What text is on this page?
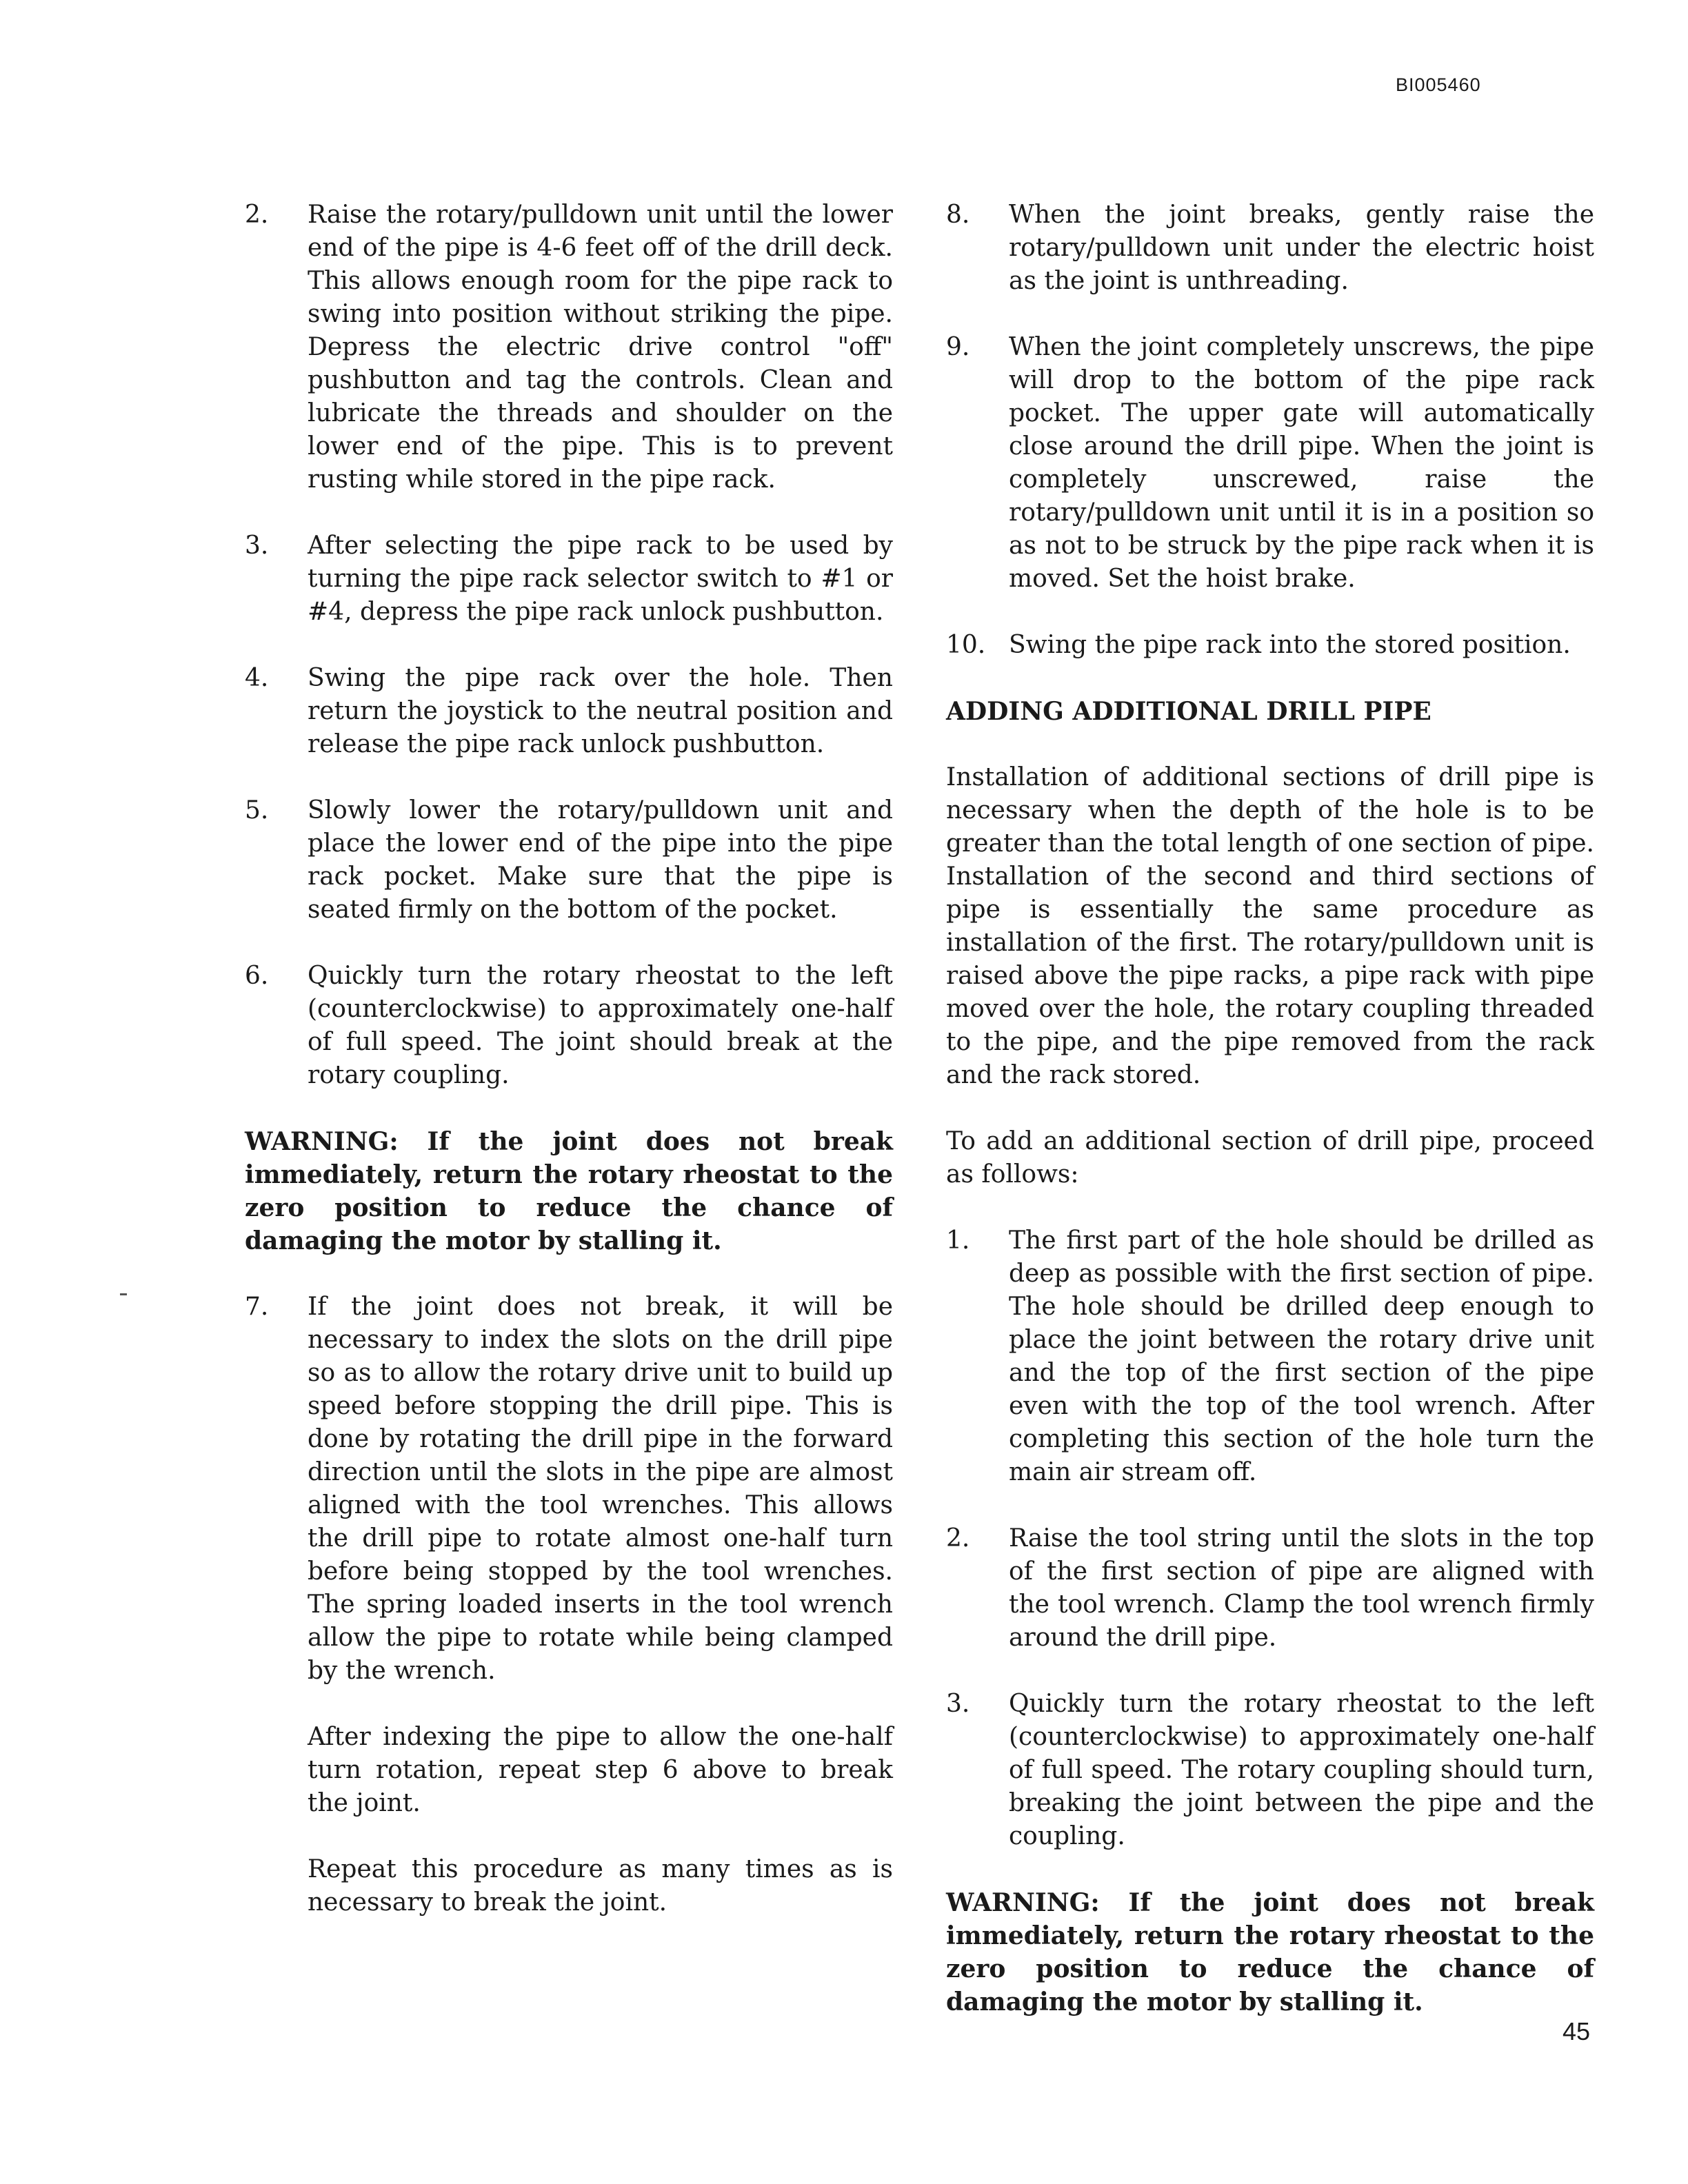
BI005460
2. Raise the rotary/pulldown unit until the lower end of the pipe is 4-6 feet off of the drill deck. This allows enough room for the pipe rack to swing into position without striking the pipe. Depress the electric drive control "off" pushbutton and tag the controls. Clean and lubricate the threads and shoulder on the lower end of the pipe. This is to prevent rusting while stored in the pipe rack.
3. After selecting the pipe rack to be used by turning the pipe rack selector switch to #1 or #4, depress the pipe rack unlock pushbutton.
4. Swing the pipe rack over the hole. Then return the joystick to the neutral position and release the pipe rack unlock pushbutton.
5. Slowly lower the rotary/pulldown unit and place the lower end of the pipe into the pipe rack pocket. Make sure that the pipe is seated firmly on the bottom of the pocket.
6. Quickly turn the rotary rheostat to the left (counterclockwise) to approximately one-half of full speed. The joint should break at the rotary coupling.
WARNING: If the joint does not break immediately, return the rotary rheostat to the zero position to reduce the chance of damaging the motor by stalling it.
7. If the joint does not break, it will be necessary to index the slots on the drill pipe so as to allow the rotary drive unit to build up speed before stopping the drill pipe. This is done by rotating the drill pipe in the forward direction until the slots in the pipe are almost aligned with the tool wrenches. This allows the drill pipe to rotate almost one-half turn before being stopped by the tool wrenches. The spring loaded inserts in the tool wrench allow the pipe to rotate while being clamped by the wrench.
After indexing the pipe to allow the one-half turn rotation, repeat step 6 above to break the joint.
Repeat this procedure as many times as is necessary to break the joint.
8. When the joint breaks, gently raise the rotary/pulldown unit under the electric hoist as the joint is unthreading.
9. When the joint completely unscrews, the pipe will drop to the bottom of the pipe rack pocket. The upper gate will automatically close around the drill pipe. When the joint is completely unscrewed, raise the rotary/pulldown unit until it is in a position so as not to be struck by the pipe rack when it is moved. Set the hoist brake.
10. Swing the pipe rack into the stored position.
ADDING ADDITIONAL DRILL PIPE
Installation of additional sections of drill pipe is necessary when the depth of the hole is to be greater than the total length of one section of pipe. Installation of the second and third sections of pipe is essentially the same procedure as installation of the first. The rotary/pulldown unit is raised above the pipe racks, a pipe rack with pipe moved over the hole, the rotary coupling threaded to the pipe, and the pipe removed from the rack and the rack stored.
To add an additional section of drill pipe, proceed as follows:
1. The first part of the hole should be drilled as deep as possible with the first section of pipe. The hole should be drilled deep enough to place the joint between the rotary drive unit and the top of the first section of the pipe even with the top of the tool wrench. After completing this section of the hole turn the main air stream off.
2. Raise the tool string until the slots in the top of the first section of pipe are aligned with the tool wrench. Clamp the tool wrench firmly around the drill pipe.
3. Quickly turn the rotary rheostat to the left (counterclockwise) to approximately one-half of full speed. The rotary coupling should turn, breaking the joint between the pipe and the coupling.
WARNING: If the joint does not break immediately, return the rotary rheostat to the zero position to reduce the chance of damaging the motor by stalling it.
45
